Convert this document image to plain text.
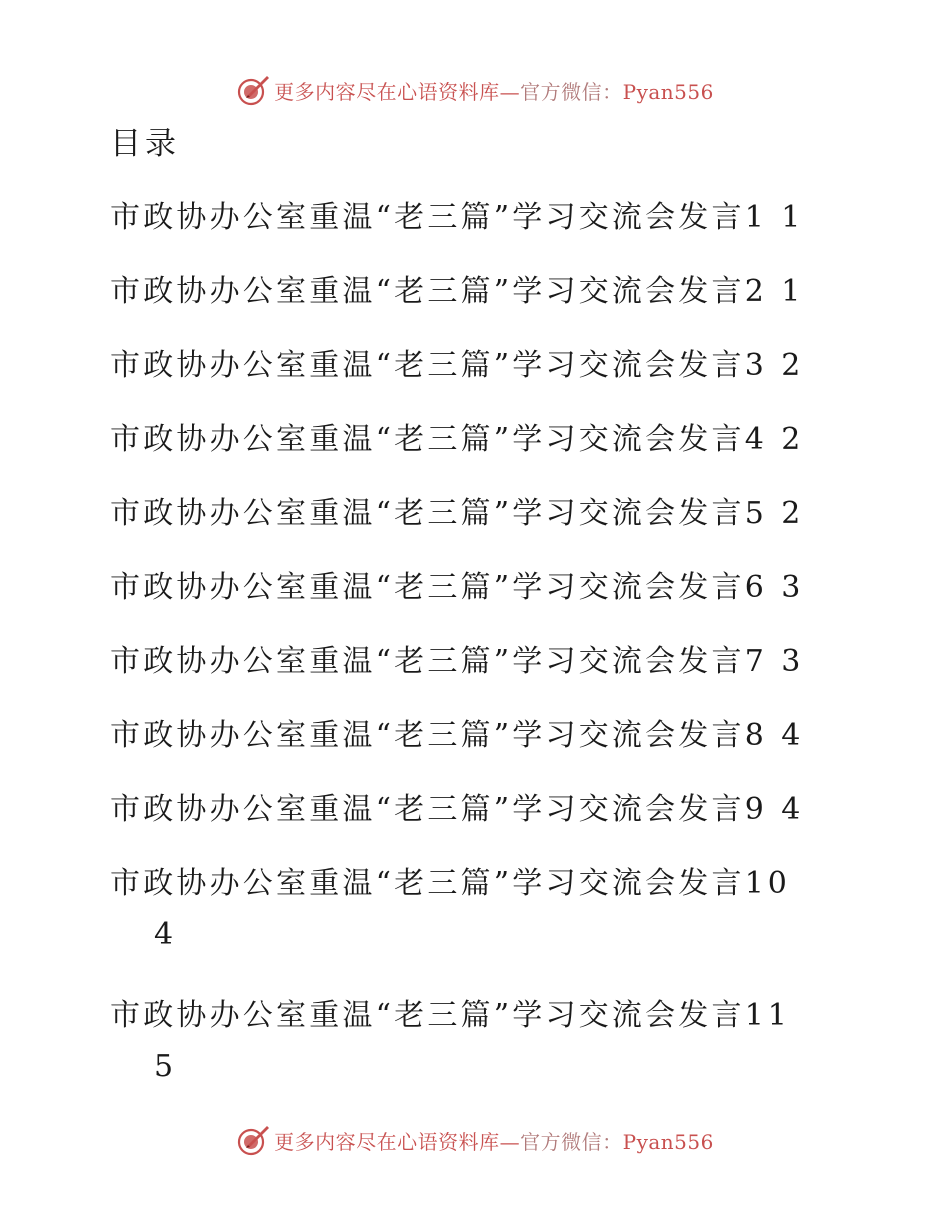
更多内容尽在心语资料库—官方微信：Pyan556
目录
市政协办公室重温“老三篇”学习交流会发言1 1
市政协办公室重温“老三篇”学习交流会发言2 1
市政协办公室重温“老三篇”学习交流会发言3 2
市政协办公室重温“老三篇”学习交流会发言4 2
市政协办公室重温“老三篇”学习交流会发言5 2
市政协办公室重温“老三篇”学习交流会发言6 3
市政协办公室重温“老三篇”学习交流会发言7 3
市政协办公室重温“老三篇”学习交流会发言8 4
市政协办公室重温“老三篇”学习交流会发言9 4
市政协办公室重温“老三篇”学习交流会发言10
4
市政协办公室重温“老三篇”学习交流会发言11
5
更多内容尽在心语资料库—官方微信：Pyan556
